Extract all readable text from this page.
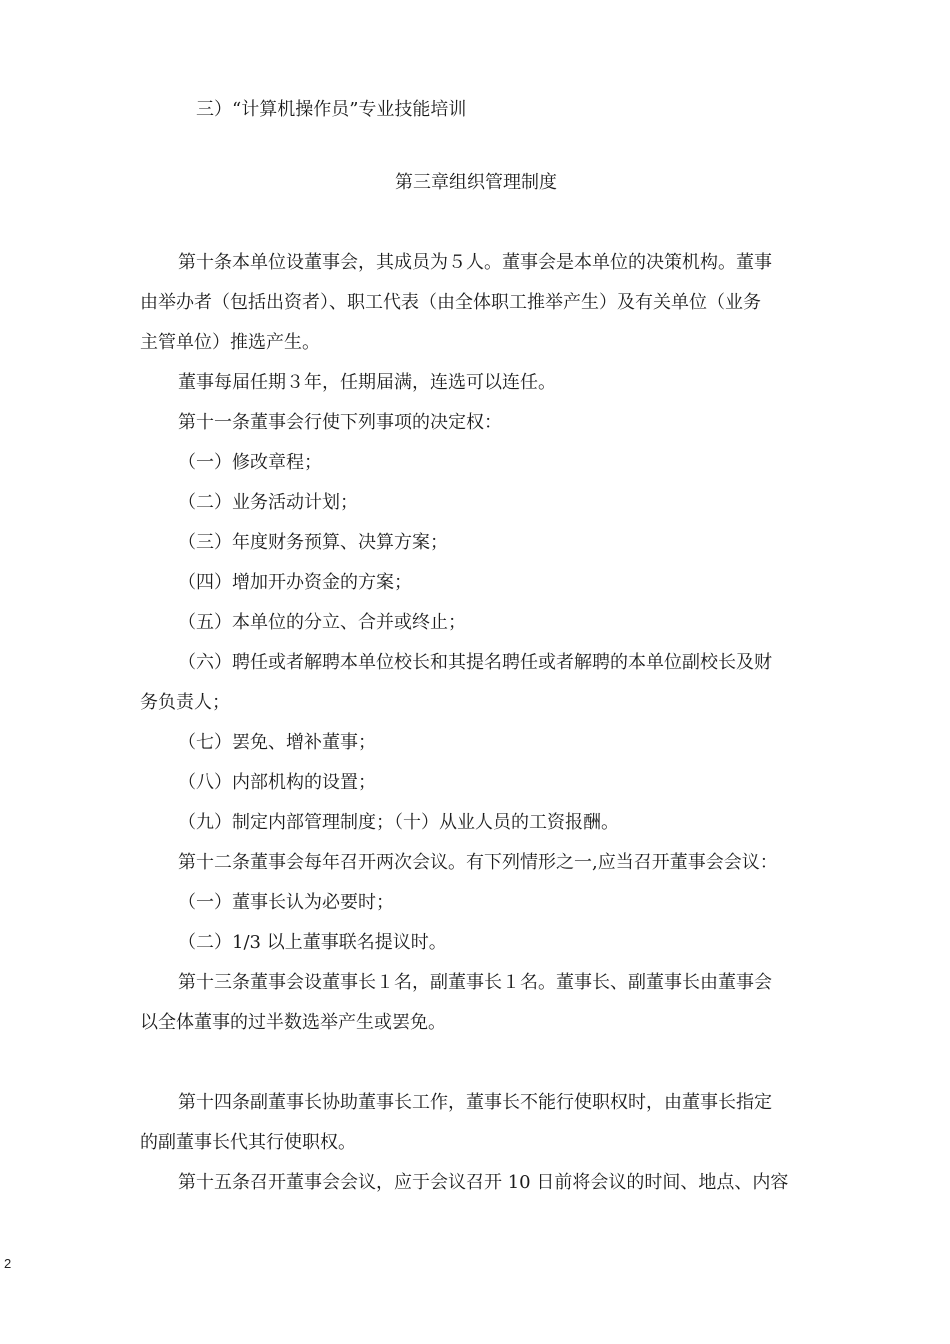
三）“计算机操作员”专业技能培训

第三章组织管理制度

第十条本单位设董事会，其成员为５人。董事会是本单位的决策机构。董事

由举办者（包括出资者）、职工代表（由全体职工推举产生）及有关单位（业务

主管单位）推选产生。

董事每届任期３年，任期届满，连选可以连任。

第十一条董事会行使下列事项的决定权：

（一）修改章程；

（二）业务活动计划；

（三）年度财务预算、决算方案；

（四）增加开办资金的方案；

（五）本单位的分立、合并或终止；

（六）聘任或者解聘本单位校长和其提名聘任或者解聘的本单位副校长及财

务负责人；

（七）罢免、增补董事；

（八）内部机构的设置；

（九）制定内部管理制度；（十）从业人员的工资报酬。

第十二条董事会每年召开两次会议。有下列情形之一,应当召开董事会会议：

（一）董事长认为必要时；

（二）1/3 以上董事联名提议时。

第十三条董事会设董事长１名，副董事长１名。董事长、副董事长由董事会

以全体董事的过半数选举产生或罢免。

第十四条副董事长协助董事长工作，董事长不能行使职权时，由董事长指定

的副董事长代其行使职权。

第十五条召开董事会会议，应于会议召开 10 日前将会议的时间、地点、内容

2
